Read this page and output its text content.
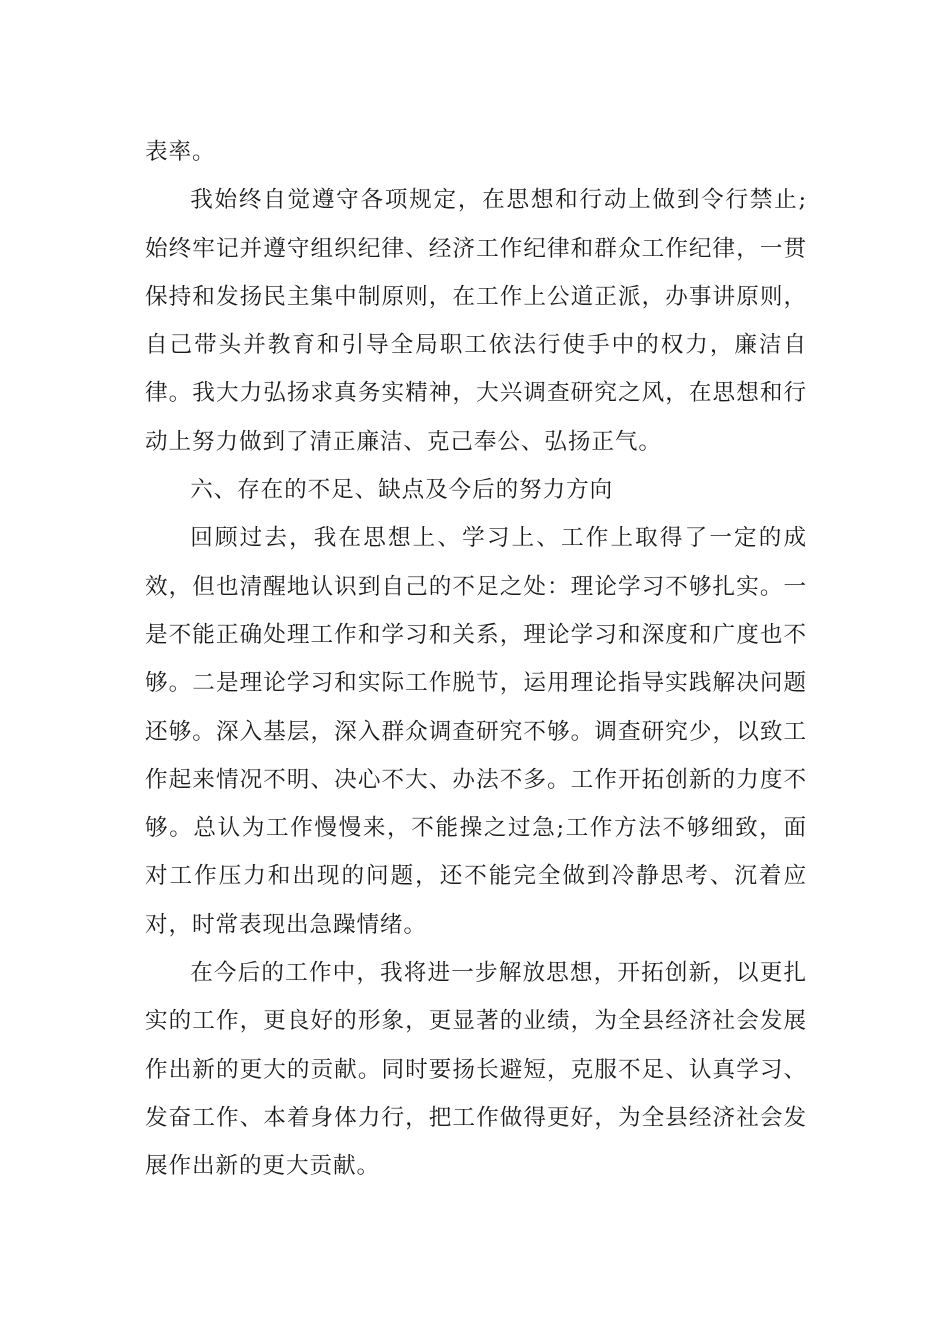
表率。

我始终自觉遵守各项规定，在思想和行动上做到令行禁止;始终牢记并遵守组织纪律、经济工作纪律和群众工作纪律，一贯保持和发扬民主集中制原则，在工作上公道正派，办事讲原则，自己带头并教育和引导全局职工依法行使手中的权力，廉洁自律。我大力弘扬求真务实精神，大兴调查研究之风，在思想和行动上努力做到了清正廉洁、克己奉公、弘扬正气。

六、存在的不足、缺点及今后的努力方向

回顾过去，我在思想上、学习上、工作上取得了一定的成效，但也清醒地认识到自己的不足之处：理论学习不够扎实。一是不能正确处理工作和学习和关系，理论学习和深度和广度也不够。二是理论学习和实际工作脱节，运用理论指导实践解决问题还够。深入基层，深入群众调查研究不够。调查研究少，以致工作起来情况不明、决心不大、办法不多。工作开拓创新的力度不够。总认为工作慢慢来，不能操之过急;工作方法不够细致，面对工作压力和出现的问题，还不能完全做到冷静思考、沉着应对，时常表现出急躁情绪。

在今后的工作中，我将进一步解放思想，开拓创新，以更扎实的工作，更良好的形象，更显著的业绩，为全县经济社会发展作出新的更大的贡献。同时要扬长避短，克服不足、认真学习、发奋工作、本着身体力行，把工作做得更好，为全县经济社会发展作出新的更大贡献。
